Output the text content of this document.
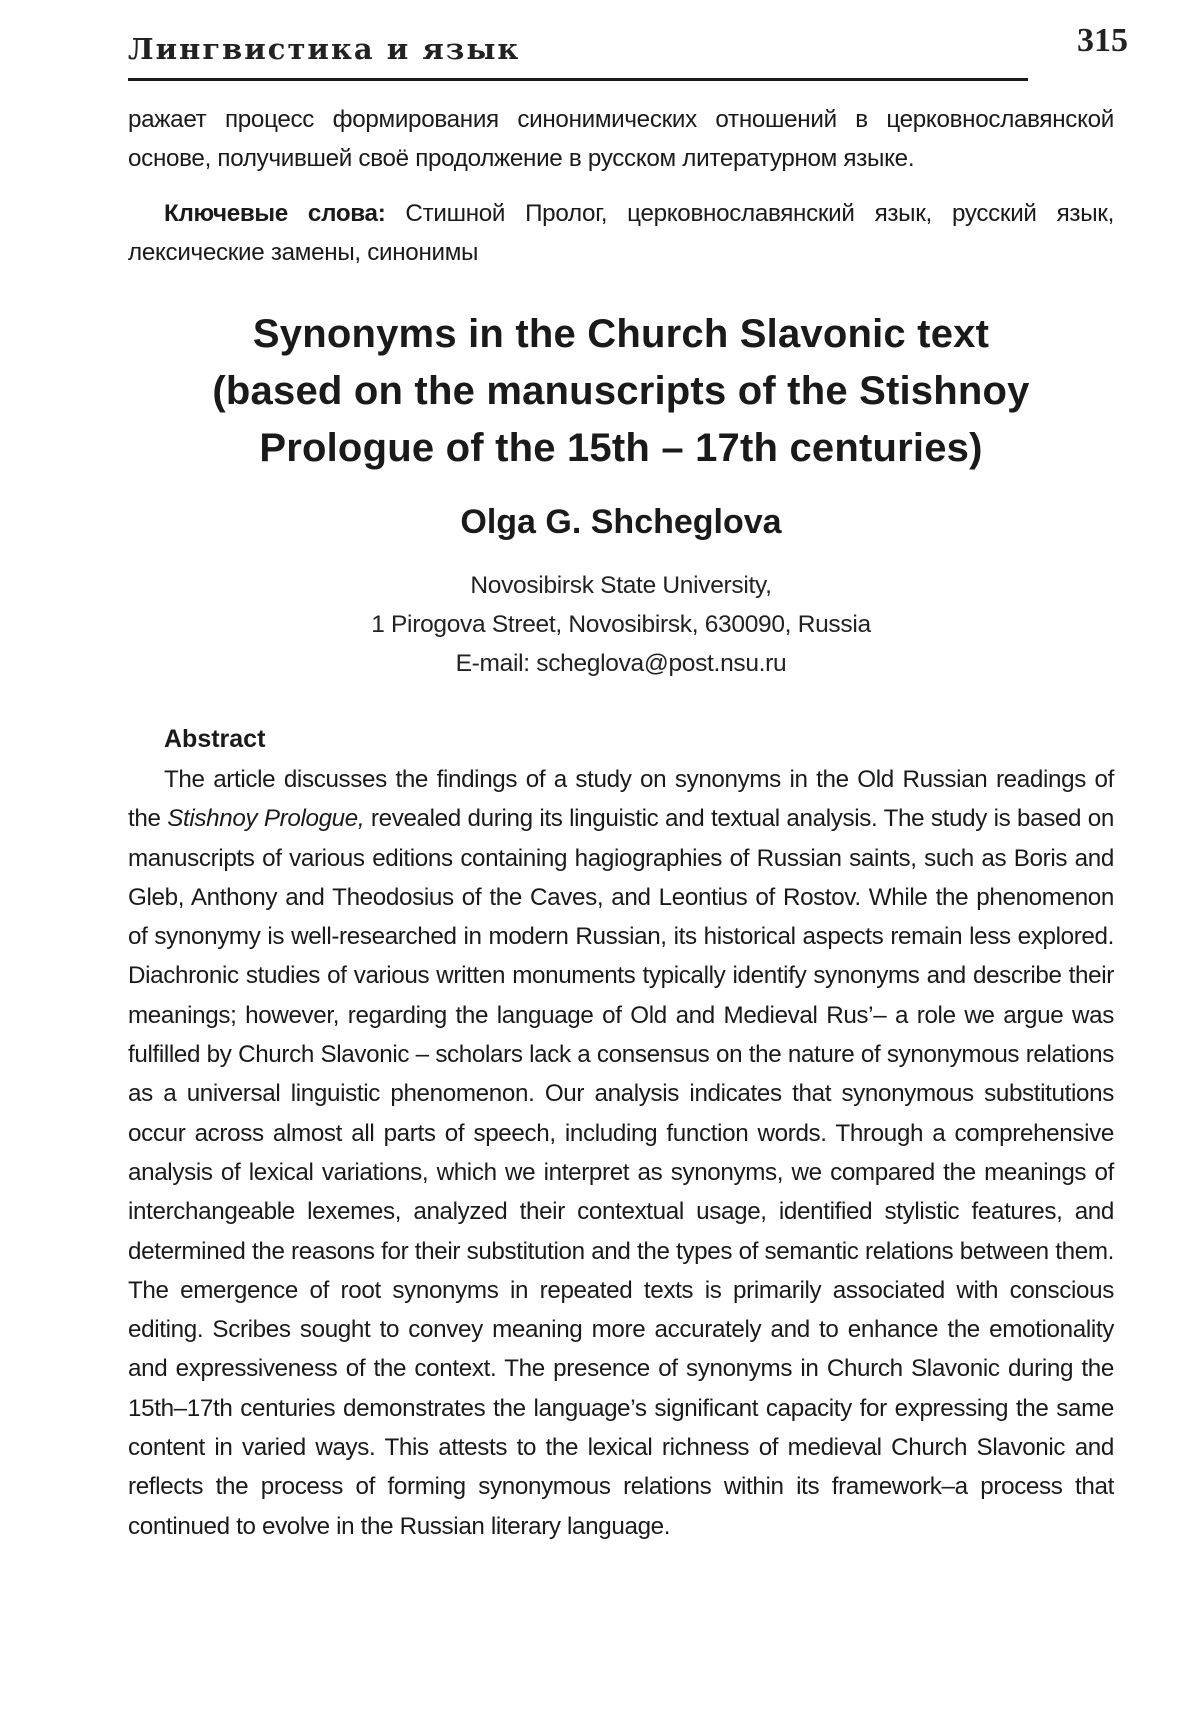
Лингвистика и язык	315

ражает процесс формирования синонимических отношений в церковнославянской основе, получившей своё продолжение в русском литературном языке.

Ключевые слова: Стишной Пролог, церковнославянский язык, русский язык, лексические замены, синонимы

Synonyms in the Church Slavonic text
(based on the manuscripts of the Stishnoy
Prologue of the 15th – 17th centuries)
Olga G. Shcheglova
Novosibirsk State University,
1 Pirogova Street, Novosibirsk, 630090, Russia
E-mail: scheglova@post.nsu.ru
Abstract

The article discusses the findings of a study on synonyms in the Old Russian readings of the Stishnoy Prologue, revealed during its linguistic and textual analysis. The study is based on manuscripts of various editions containing hagiographies of Russian saints, such as Boris and Gleb, Anthony and Theodosius of the Caves, and Leontius of Rostov. While the phenomenon of synonymy is well-researched in modern Russian, its historical aspects remain less explored. Diachronic studies of various written monuments typically identify synonyms and describe their meanings; however, regarding the language of Old and Medieval Rus’– a role we argue was fulfilled by Church Slavonic – scholars lack a consensus on the nature of synonymous relations as a universal linguistic phenomenon. Our analysis indicates that synonymous substitutions occur across almost all parts of speech, including function words. Through a comprehensive analysis of lexical variations, which we interpret as synonyms, we compared the meanings of interchangeable lexemes, analyzed their contextual usage, identified stylistic features, and determined the reasons for their substitution and the types of semantic relations between them. The emergence of root synonyms in repeated texts is primarily associated with conscious editing. Scribes sought to convey meaning more accurately and to enhance the emotionality and expressiveness of the context. The presence of synonyms in Church Slavonic during the 15th–17th centuries demonstrates the language’s significant capacity for expressing the same content in varied ways. This attests to the lexical richness of medieval Church Slavonic and reflects the process of forming synonymous relations within its framework–a process that continued to evolve in the Russian literary language.
